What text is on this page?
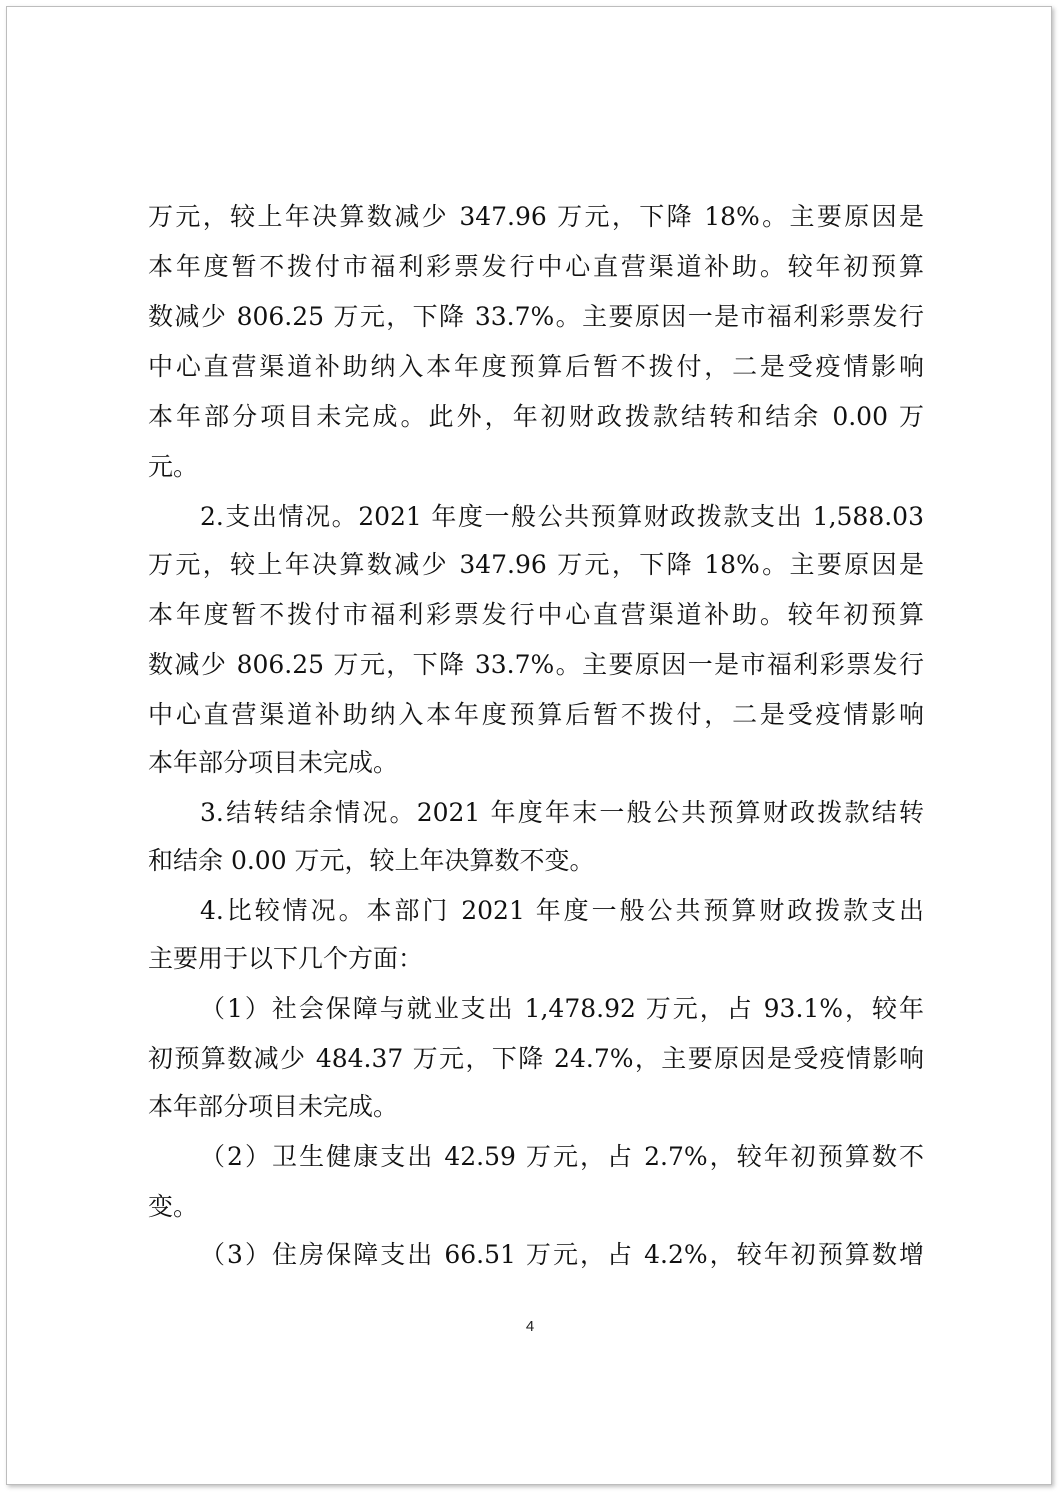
万元，较上年决算数减少 347.96 万元，下降 18%。主要原因是
本年度暂不拨付市福利彩票发行中心直营渠道补助。较年初预算
数减少 806.25 万元，下降 33.7%。主要原因一是市福利彩票发行
中心直营渠道补助纳入本年度预算后暂不拨付，二是受疫情影响
本年部分项目未完成。此外，年初财政拨款结转和结余 0.00 万
元。
2.支出情况。2021 年度一般公共预算财政拨款支出 1,588.03
万元，较上年决算数减少 347.96 万元，下降 18%。主要原因是
本年度暂不拨付市福利彩票发行中心直营渠道补助。较年初预算
数减少 806.25 万元，下降 33.7%。主要原因一是市福利彩票发行
中心直营渠道补助纳入本年度预算后暂不拨付，二是受疫情影响
本年部分项目未完成。
3.结转结余情况。2021 年度年末一般公共预算财政拨款结转
和结余 0.00 万元，较上年决算数不变。
4.比较情况。本部门 2021 年度一般公共预算财政拨款支出
主要用于以下几个方面：
（1）社会保障与就业支出 1,478.92 万元，占 93.1%，较年
初预算数减少 484.37 万元，下降 24.7%，主要原因是受疫情影响
本年部分项目未完成。
（2）卫生健康支出 42.59 万元，占 2.7%，较年初预算数不
变。
（3）住房保障支出 66.51 万元，占 4.2%，较年初预算数增
4
